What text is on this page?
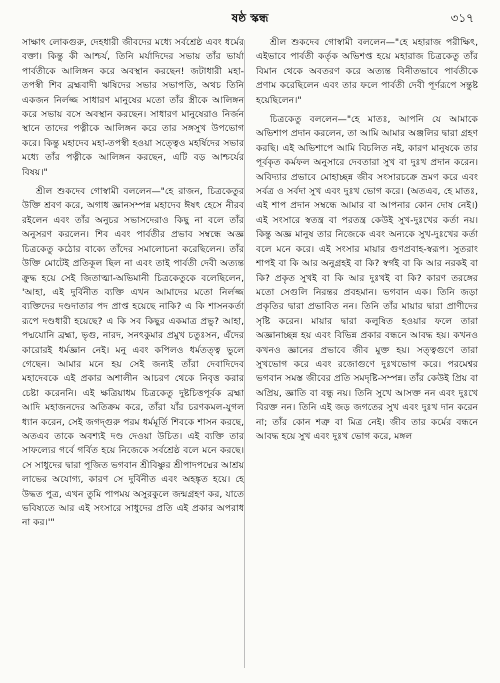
ষষ্ঠ স্কন্ধ	৩১৭

সাক্ষাৎ লোকগুরু, দেহধারী জীবদের মধ্যে সর্বশ্রেষ্ঠ এবং ধর্মের বক্তা। কিন্তু কী আশ্চর্য, তিনি মর্যাদিদের সভায় তাঁর ভার্যা পার্বতীকে আলিঙ্গন করে অবস্থান করছেন! জটাধারী মহা-তপস্বী শিব ব্রহ্মবাদী ঋষিদের সভার সভাপতি, অথচ তিনি একজন নির্লজ্জ সাধারণ মানুষের মতো তাঁর স্ত্রীকে আলিঙ্গন করে সভায় বসে অবস্থান করছেন। সাধারণ মানুষেরাও নির্জন স্থানে তাদের পত্নীকে আলিঙ্গন করে তার সঙ্গসুখ উপভোগ করে। কিন্তু মহাদেব মহা-তপস্বী হওয়া সত্ত্বেও মহর্ষিদের সভার মধ্যে তাঁর পত্নীকে আলিঙ্গন করছেন, এটি বড় আশ্চর্যের বিষয়।"

শ্রীল শুকদেব গোস্বামী বললেন—"হে রাজন, চিত্রকেতুর উক্তি শ্রবণ করে, অগাধ জ্ঞানসম্পন্ন মহাদেব ঈষৎ হেসে নীরব রইলেন এবং তাঁর অনুচর সভাসদেরাও কিছু না বলে তাঁর অনুসরণ করলেন। শিব এবং পার্বতীর প্রভাব সম্বন্ধে অজ্ঞ চিত্রকেতু কঠোর বাক্যে তাঁদের সমালোচনা করেছিলেন। তাঁর উক্তি মোটেই প্রতিকূল ছিল না এবং তাই পার্বতী দেবী অত্যন্ত ক্রুদ্ধ হয়ে সেই জিতাত্মা-অভিমানী চিত্রকেতুকে বলেছিলেন, 'আহা, এই দুর্বিনীত ব্যক্তি এখন আমাদের মতো নির্লজ্জ ব্যক্তিদের দণ্ডদাতার পদ প্রাপ্ত হয়েছে নাকি? এ কি শাসনকর্তা রূপে দণ্ডধারী হয়েছে? এ কি সব কিছুর একমাত্র প্রভু? আহা, পদ্মযোনি ব্রহ্মা, ভৃগু, নারদ, সনৎকুমার প্রমুখ চতুঃসন, এঁদের কারোরই ধর্মজ্ঞান নেই। মনু এবং কপিলও ধর্মতত্ত্ব ভুলে গেছেন। আমার মনে হয় সেই জন্যই তাঁরা দেবাদিদেব মহাদেবকে এই প্রকার অশালীন আচরণ থেকে নিবৃত্ত করার চেষ্টা করেননি। এই ক্ষত্রিয়াধম চিত্রকেতু দুষ্টচিত্তপূর্বক ব্রহ্মা আদি মহাজনদের অতিক্রম করে, তাঁরা যাঁর চরণকমল-যুগল ধ্যান করেন, সেই জগদ্গুরু পরম ধর্মমূর্তি শিবকে শাসন করছে, অতএব তাকে অবশ্যই দণ্ড দেওয়া উচিত। এই ব্যক্তি তার সাফল্যের গর্বে গর্বিত হয়ে নিজেকে সর্বশ্রেষ্ঠ বলে মনে করছে। সে সাধুদের দ্বারা পূজিত ভগবান শ্রীবিষ্ণুর শ্রীপাদপদ্মের আশ্রয় লাভের অযোগ্য, কারণ সে দুর্বিনীত এবং অহঙ্কৃত হয়ে। হে উদ্ধত পুত্র, এখন তুমি পাপময় অসুরকুলে জন্মগ্রহণ কর, যাতে ভবিষ্যতে আর এই সংসারে সাধুদের প্রতি এই প্রকার অপরাধ না কর।'"

শ্রীল শুকদেব গোস্বামী বললেন—"হে মহারাজ পরীক্ষিৎ, এইভাবে পার্বতী কর্তৃক অভিশপ্ত হয়ে মহারাজ চিত্রকেতু তাঁর বিমান থেকে অবতরণ করে অত্যন্ত বিনীতভাবে পার্বতীকে প্রণাম করেছিলেন এবং তার ফলে পার্বতী দেবী পূর্ণরূপে সন্তুষ্ট হয়েছিলেন।"

চিত্রকেতু বললেন—"হে মাতঃ, আপনি যে আমাকে অভিশাপ প্রদান করলেন, তা আমি আমার অঞ্জলির দ্বারা গ্রহণ করছি। এই অভিশাপে আমি বিচলিত নই, কারণ মানুষকে তার পূর্বকৃত কর্মফল অনুসারে দেবতারা সুখ বা দুঃখ প্রদান করেন। অবিদ্যার প্রভাবে মোহাচ্ছন্ন জীব সংসারচক্রে ভ্রমণ করে এবং সর্বত্র ও সর্বদা সুখ এবং দুঃখ ভোগ করে। (অতএব, হে মাতঃ, এই শাপ প্রদান সম্বন্ধে আমার বা আপনার কোন দোষ নেই।) এই সংসারে স্বতন্ত্র বা পরতন্ত্র কেউই সুখ-দুঃখের কর্তা নয়। কিন্তু অজ্ঞ মানুষ তার নিজেকে এবং অন্যকে সুখ-দুঃখের কর্তা বলে মনে করে। এই সংসার মায়ার গুণপ্রবাহ-স্বরূপ। সুতরাং শাপই বা কি আর অনুগ্রহই বা কি? স্বর্গই বা কি আর নরকই বা কি? প্রকৃত সুখই বা কি আর দুঃখই বা কি? কারণ তরঙ্গের মতো সেগুলি নিরন্তর প্রবহমান। ভগবান এক। তিনি জড়া প্রকৃতির দ্বারা প্রভাবিত নন। তিনি তাঁর মায়ার দ্বারা প্রাণীদের সৃষ্টি করেন। মায়ার দ্বারা কলুষিত হওয়ার ফলে তারা অজ্ঞানাচ্ছন্ন হয় এবং বিভিন্ন প্রকার বন্ধনে আবদ্ধ হয়। কখনও কখনও জ্ঞানের প্রভাবে জীব মুক্ত হয়। সত্ত্বগুণে তারা সুখভোগ করে এবং রজোগুণে দুঃখভোগ করে। পরমেশ্বর ভগবান সমস্ত জীবের প্রতি সমদৃষ্টি-সম্পন্ন। তাঁর কেউই প্রিয় বা অপ্রিয়, জ্ঞাতি বা বন্ধু নয়। তিনি সুখে আসক্ত নন এবং দুঃখে বিরক্ত নন। তিনি এই জড় জগতের সুখ এবং দুঃখ দান করেন না; তাঁর কোন শত্রু বা মিত্র নেই। জীব তার কর্মের বন্ধনে আবদ্ধ হয়ে সুখ এবং দুঃখ ভোগ করে, মঙ্গল
